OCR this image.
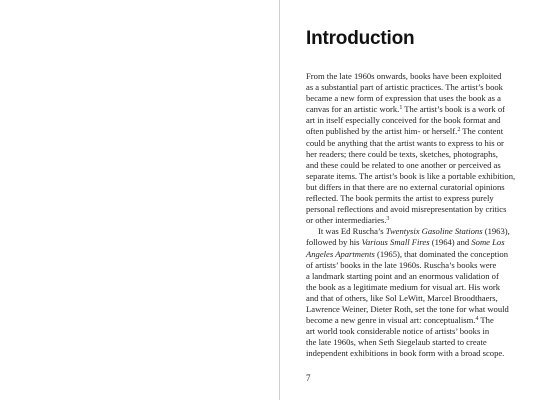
Introduction
From the late 1960s onwards, books have been exploited
as a substantial part of artistic practices. The artist’s book
became a new form of expression that uses the book as a
canvas for an artistic work.$^1$ The artist’s book is a work of
art in itself especially conceived for the book format and
often published by the artist him- or herself.$^2$ The content
could be anything that the artist wants to express to his or
her readers; there could be texts, sketches, photographs,
and these could be related to one another or perceived as
separate items. The artist’s book is like a portable exhibition,
but differs in that there are no external curatorial opinions
reflected. The book permits the artist to express purely
personal reflections and avoid misrepresentation by critics
or other intermediaries.$^3$
It was Ed Ruscha’s Twentysix Gasoline Stations (1963),
followed by his Various Small Fires (1964) and Some Los
Angeles Apartments (1965), that dominated the conception
of artists’ books in the late 1960s. Ruscha’s books were
a landmark starting point and an enormous validation of
the book as a legitimate medium for visual art. His work
and that of others, like Sol LeWitt, Marcel Broodthaers,
Lawrence Weiner, Dieter Roth, set the tone for what would
become a new genre in visual art: conceptualism.$^4$ The
art world took considerable notice of artists’ books in
the late 1960s, when Seth Siegelaub started to create
independent exhibitions in book form with a broad scope.
7
